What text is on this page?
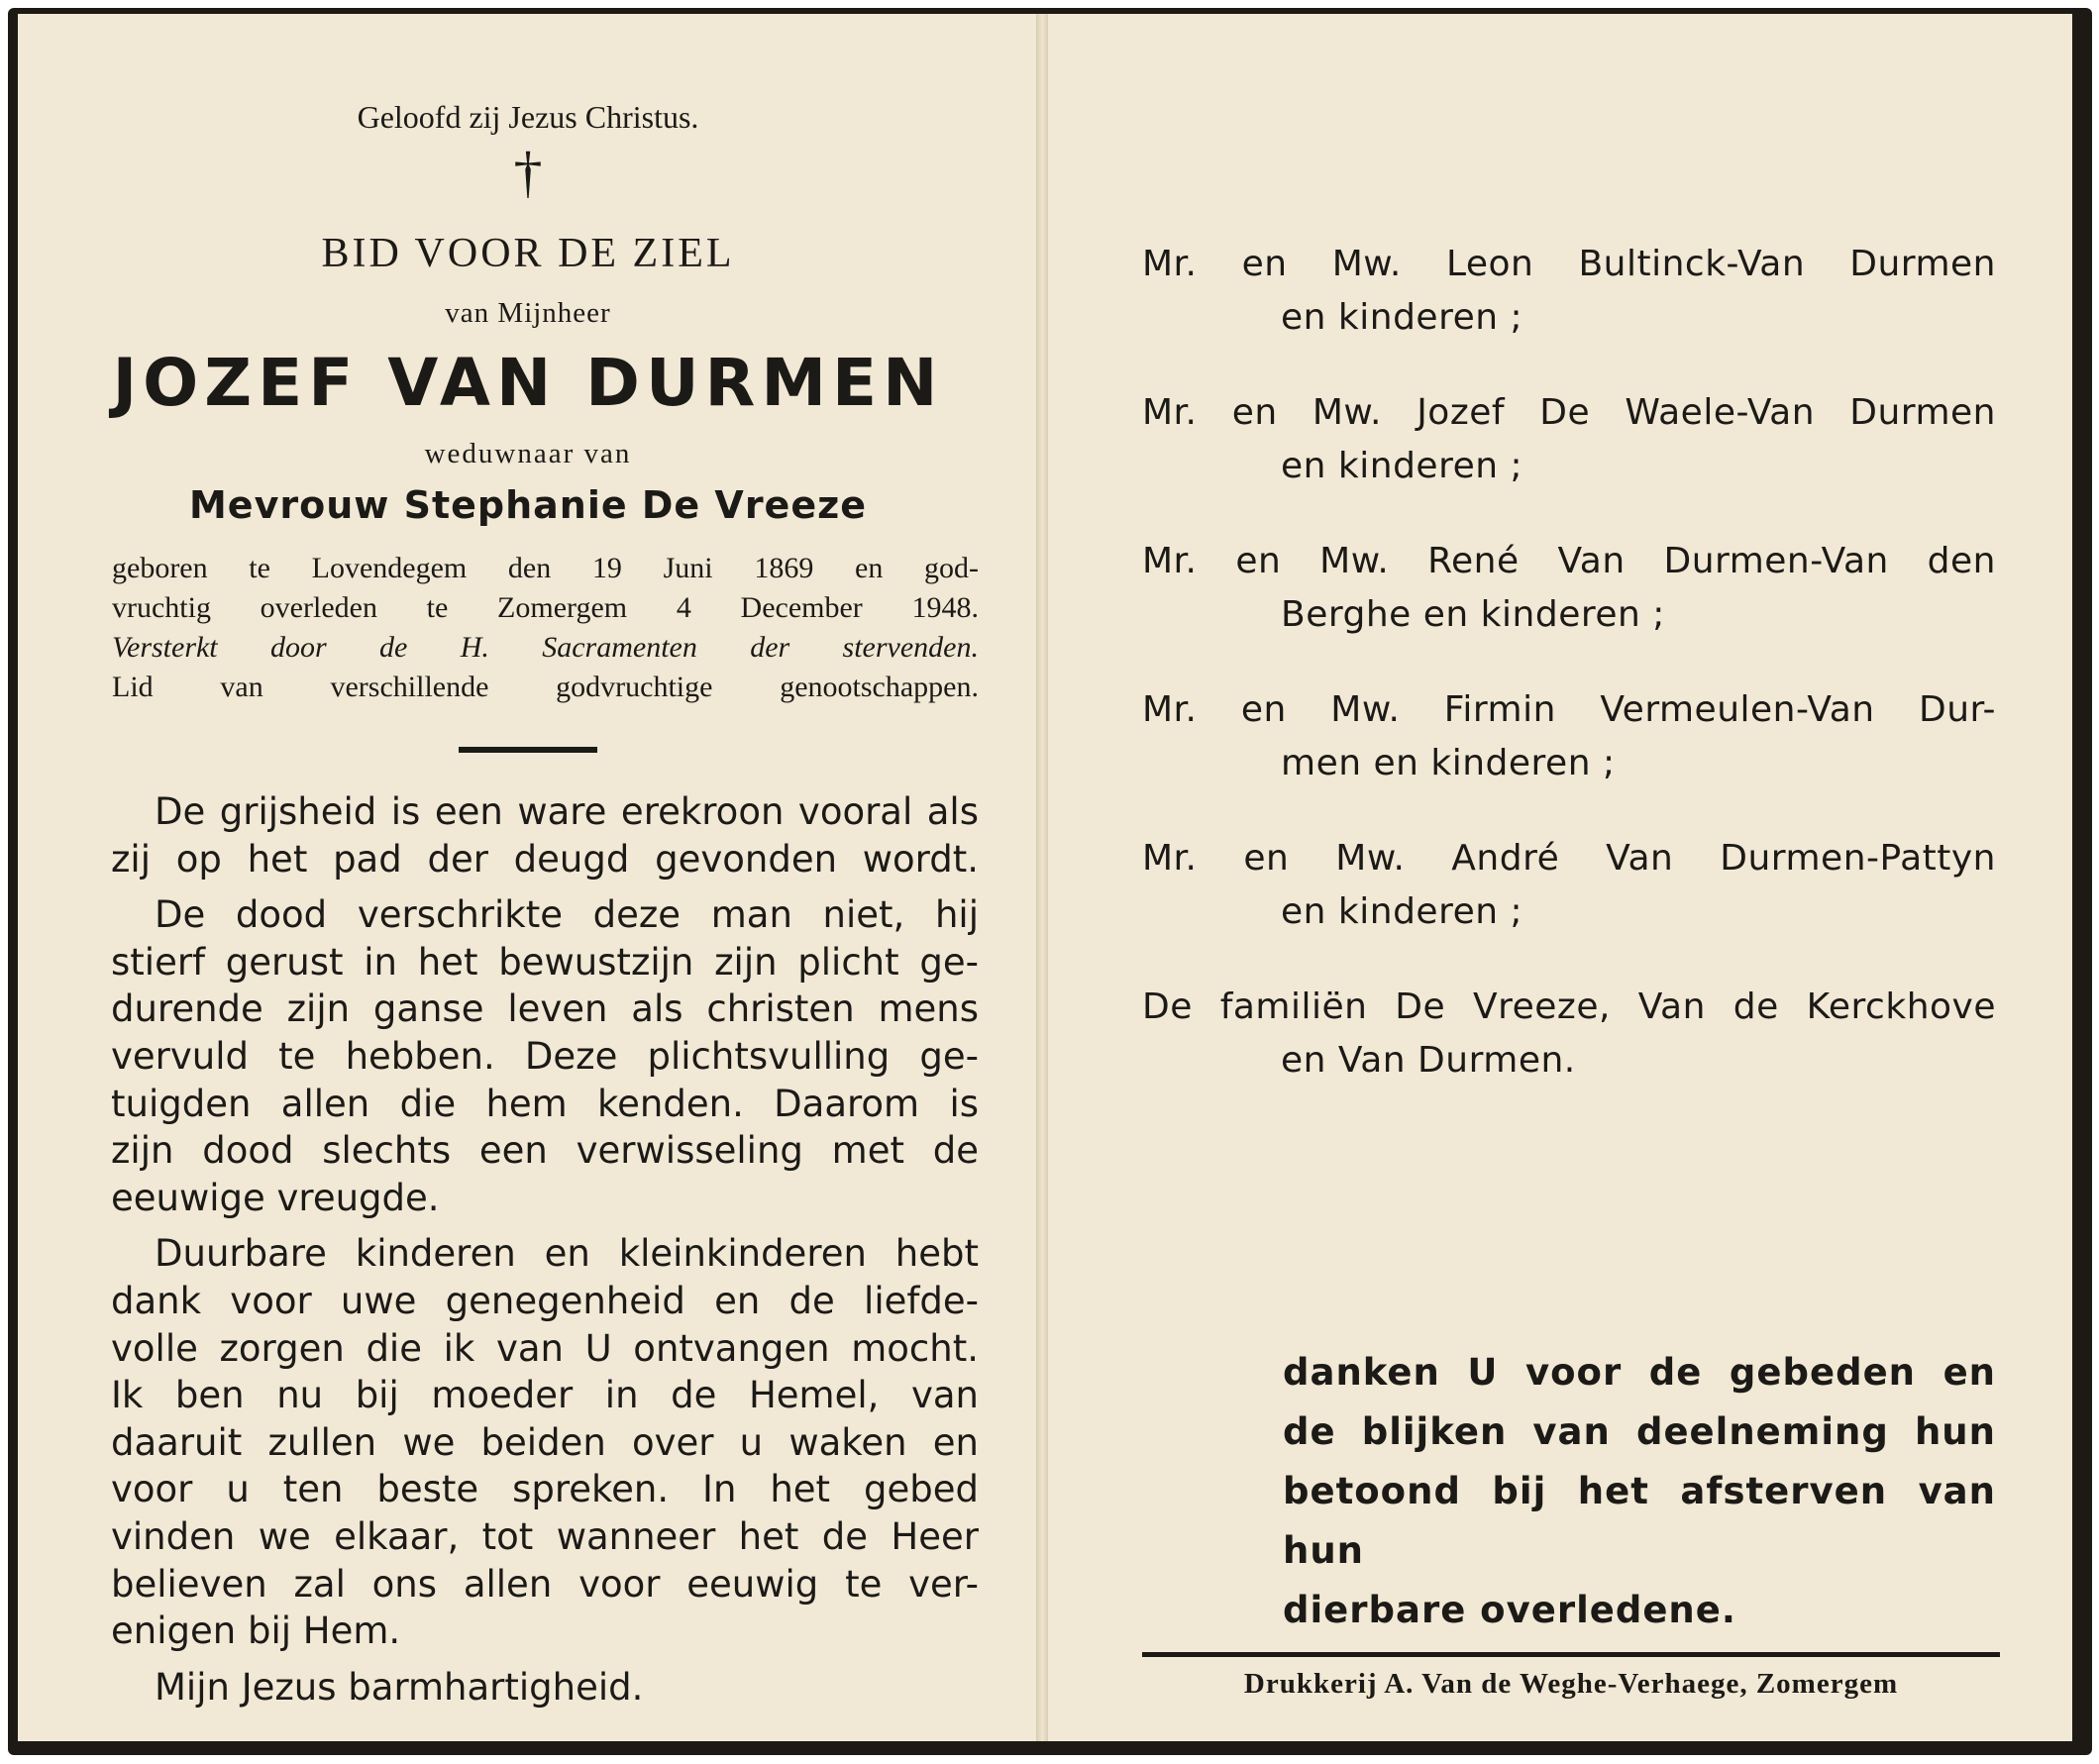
Geloofd zij Jezus Christus.
†
BID VOOR DE ZIEL
van Mijnheer
JOZEF VAN DURMEN
weduwnaar van
Mevrouw Stephanie De Vreeze
geboren te Lovendegem den 19 Juni 1869 en god-
vruchtig overleden te Zomergem 4 December 1948.
Versterkt door de H. Sacramenten der stervenden.
Lid van verschillende godvruchtige genootschappen.

De grijsheid is een ware erekroon vooral als

zij op het pad der deugd gevonden wordt.

De dood verschrikte deze man niet, hij

stierf gerust in het bewustzijn zijn plicht ge-

durende zijn ganse leven als christen mens

vervuld te hebben. Deze plichtsvulling ge-

tuigden allen die hem kenden. Daarom is

zijn dood slechts een verwisseling met de

eeuwige vreugde.

Duurbare kinderen en kleinkinderen hebt

dank voor uwe genegenheid en de liefde-

volle zorgen die ik van U ontvangen mocht.

Ik ben nu bij moeder in de Hemel, van

daaruit zullen we beiden over u waken en

voor u ten beste spreken. In het gebed

vinden we elkaar, tot wanneer het de Heer

believen zal ons allen voor eeuwig te ver-

enigen bij Hem.

Mijn Jezus barmhartigheid.

Mr. en Mw. Leon Bultinck-Van Durmen
en kinderen ;
Mr. en Mw. Jozef De Waele-Van Durmen
en kinderen ;
Mr. en Mw. René Van Durmen-Van den
Berghe en kinderen ;
Mr. en Mw. Firmin Vermeulen-Van Dur-
men en kinderen ;
Mr. en Mw. André Van Durmen-Pattyn
en kinderen ;
De familiën De Vreeze, Van de Kerckhove
en Van Durmen.
danken U voor de gebeden en
de blijken van deelneming hun
betoond bij het afsterven van hun
dierbare overledene.
Drukkerij A. Van de Weghe-Verhaege, Zomergem
